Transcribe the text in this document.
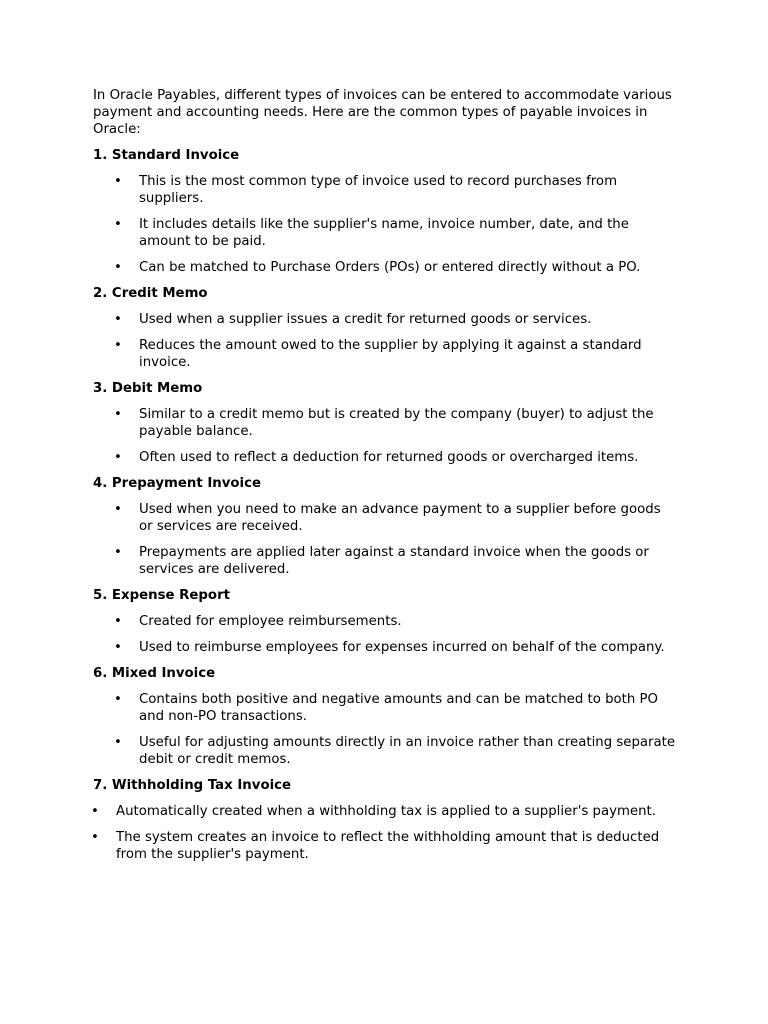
In Oracle Payables, different types of invoices can be entered to accommodate various payment and accounting needs. Here are the common types of payable invoices in Oracle:

1. Standard Invoice
• This is the most common type of invoice used to record purchases from suppliers.
• It includes details like the supplier's name, invoice number, date, and the amount to be paid.
• Can be matched to Purchase Orders (POs) or entered directly without a PO.
2. Credit Memo
• Used when a supplier issues a credit for returned goods or services.
• Reduces the amount owed to the supplier by applying it against a standard invoice.
3. Debit Memo
• Similar to a credit memo but is created by the company (buyer) to adjust the payable balance.
• Often used to reflect a deduction for returned goods or overcharged items.
4. Prepayment Invoice
• Used when you need to make an advance payment to a supplier before goods or services are received.
• Prepayments are applied later against a standard invoice when the goods or services are delivered.
5. Expense Report
• Created for employee reimbursements.
• Used to reimburse employees for expenses incurred on behalf of the company.
6. Mixed Invoice
• Contains both positive and negative amounts and can be matched to both PO and non-PO transactions.
• Useful for adjusting amounts directly in an invoice rather than creating separate debit or credit memos.
7. Withholding Tax Invoice
• Automatically created when a withholding tax is applied to a supplier's payment.
• The system creates an invoice to reflect the withholding amount that is deducted from the supplier's payment.
